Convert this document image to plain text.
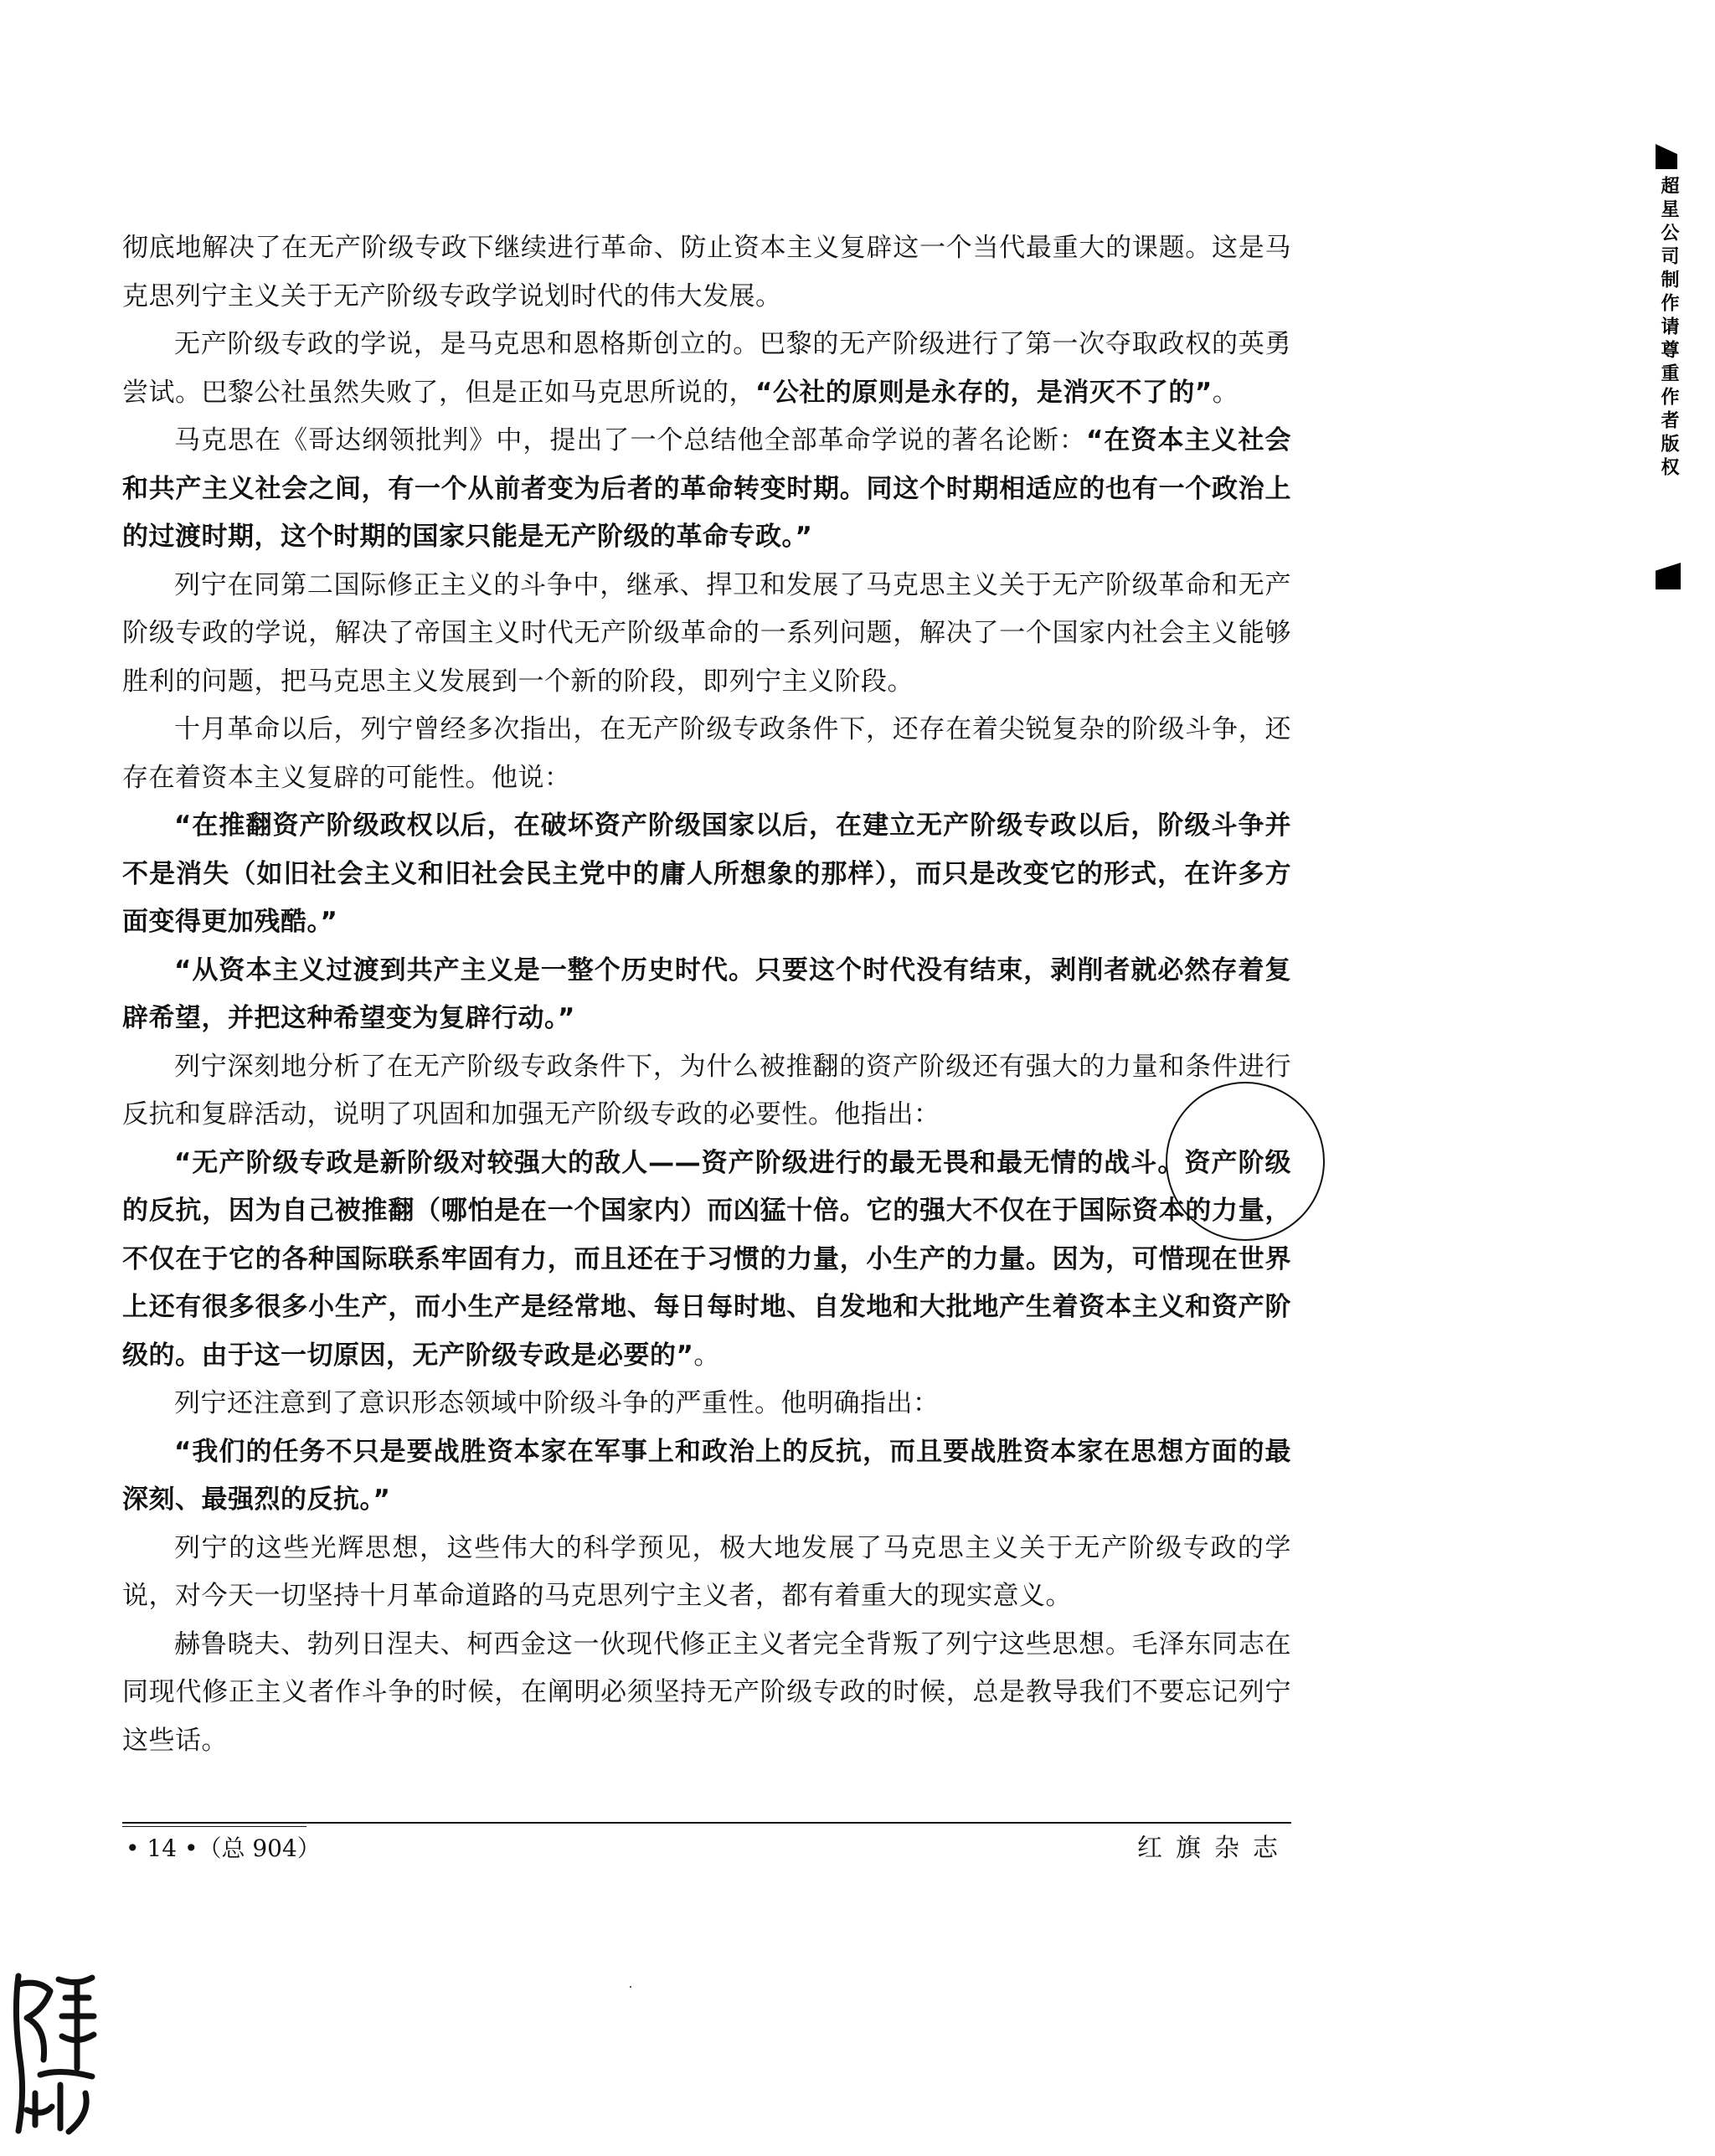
彻底地解决了在无产阶级专政下继续进行革命、防止资本主义复辟这一个当代最重大的课题。这是马克思列宁主义关于无产阶级专政学说划时代的伟大发展。

无产阶级专政的学说，是马克思和恩格斯创立的。巴黎的无产阶级进行了第一次夺取政权的英勇尝试。巴黎公社虽然失败了，但是正如马克思所说的，“公社的原则是永存的，是消灭不了的”。

马克思在《哥达纲领批判》中，提出了一个总结他全部革命学说的著名论断：“在资本主义社会和共产主义社会之间，有一个从前者变为后者的革命转变时期。同这个时期相适应的也有一个政治上的过渡时期，这个时期的国家只能是无产阶级的革命专政。”

列宁在同第二国际修正主义的斗争中，继承、捍卫和发展了马克思主义关于无产阶级革命和无产阶级专政的学说，解决了帝国主义时代无产阶级革命的一系列问题，解决了一个国家内社会主义能够胜利的问题，把马克思主义发展到一个新的阶段，即列宁主义阶段。

十月革命以后，列宁曾经多次指出，在无产阶级专政条件下，还存在着尖锐复杂的阶级斗争，还存在着资本主义复辟的可能性。他说：

“在推翻资产阶级政权以后，在破坏资产阶级国家以后，在建立无产阶级专政以后，阶级斗争并不是消失（如旧社会主义和旧社会民主党中的庸人所想象的那样），而只是改变它的形式，在许多方面变得更加残酷。”

“从资本主义过渡到共产主义是一整个历史时代。只要这个时代没有结束，剥削者就必然存着复辟希望，并把这种希望变为复辟行动。”

列宁深刻地分析了在无产阶级专政条件下，为什么被推翻的资产阶级还有强大的力量和条件进行反抗和复辟活动，说明了巩固和加强无产阶级专政的必要性。他指出：

“无产阶级专政是新阶级对较强大的敌人——资产阶级进行的最无畏和最无情的战斗。资产阶级的反抗，因为自己被推翻（哪怕是在一个国家内）而凶猛十倍。它的强大不仅在于国际资本的力量，不仅在于它的各种国际联系牢固有力，而且还在于习惯的力量，小生产的力量。因为，可惜现在世界上还有很多很多小生产，而小生产是经常地、每日每时地、自发地和大批地产生着资本主义和资产阶级的。由于这一切原因，无产阶级专政是必要的”。

列宁还注意到了意识形态领域中阶级斗争的严重性。他明确指出：

“我们的任务不只是要战胜资本家在军事上和政治上的反抗，而且要战胜资本家在思想方面的最深刻、最强烈的反抗。”

列宁的这些光辉思想，这些伟大的科学预见，极大地发展了马克思主义关于无产阶级专政的学说，对今天一切坚持十月革命道路的马克思列宁主义者，都有着重大的现实意义。

赫鲁晓夫、勃列日涅夫、柯西金这一伙现代修正主义者完全背叛了列宁这些思想。毛泽东同志在同现代修正主义者作斗争的时候，在阐明必须坚持无产阶级专政的时候，总是教导我们不要忘记列宁这些话。

• 14 •（总 904）	红旗杂志
超星公司制作请尊重作者版权
